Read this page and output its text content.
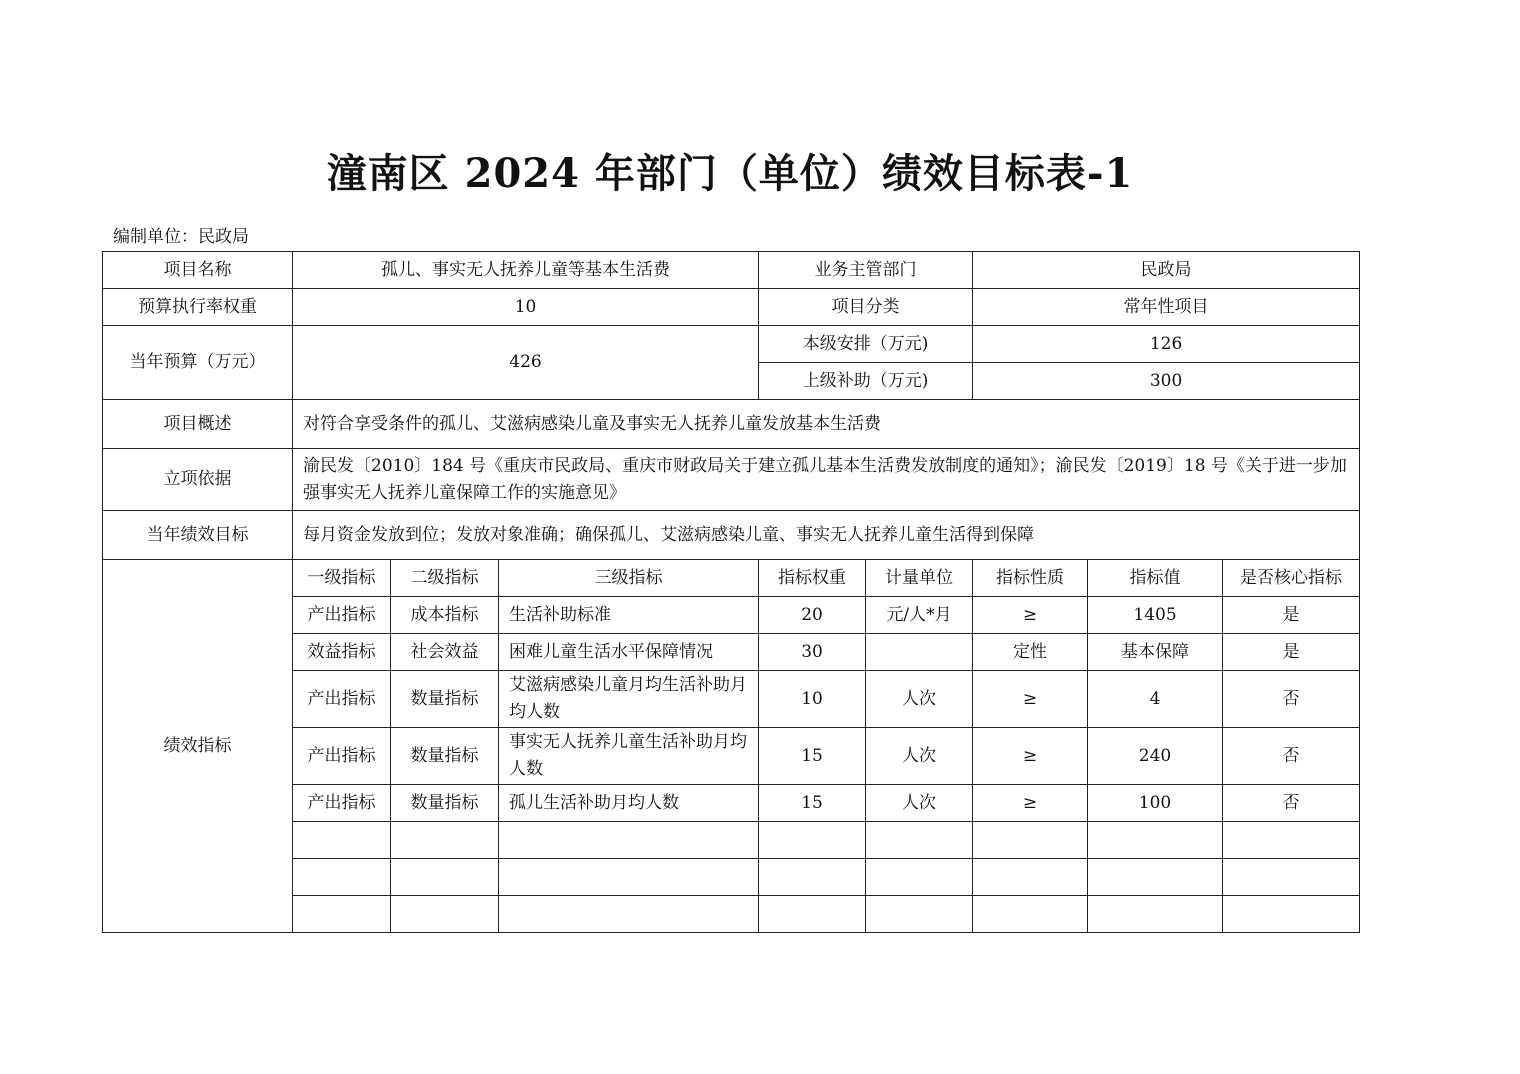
潼南区 2024 年部门（单位）绩效目标表-1
编制单位：民政局
项目名称	孤儿、事实无人抚养儿童等基本生活费			业务主管部门		民政局		
预算执行率权重	10			项目分类		常年性项目		
当年预算（万元）	426			本级安排（万元)		126		
				上级补助（万元)		300		
项目概述	对符合享受条件的孤儿、艾滋病感染儿童及事实无人抚养儿童发放基本生活费							
立项依据	渝民发〔2010〕184 号《重庆市民政局、重庆市财政局关于建立孤儿基本生活费发放制度的通知》；渝民发〔2019〕18 号《关于进一步加强事实无人抚养儿童保障工作的实施意见》							
当年绩效目标	每月资金发放到位；发放对象准确；确保孤儿、艾滋病感染儿童、事实无人抚养儿童生活得到保障							
绩效指标	一级指标	二级指标	三级指标	指标权重	计量单位	指标性质	指标值	是否核心指标
	产出指标	成本指标	生活补助标准	20	元/人*月	≥	1405	是
	效益指标	社会效益	困难儿童生活水平保障情况	30		定性	基本保障	是
	产出指标	数量指标	艾滋病感染儿童月均生活补助月均人数	10	人次	≥	4	否
	产出指标	数量指标	事实无人抚养儿童生活补助月均人数	15	人次	≥	240	否
	产出指标	数量指标	孤儿生活补助月均人数	15	人次	≥	100	否
